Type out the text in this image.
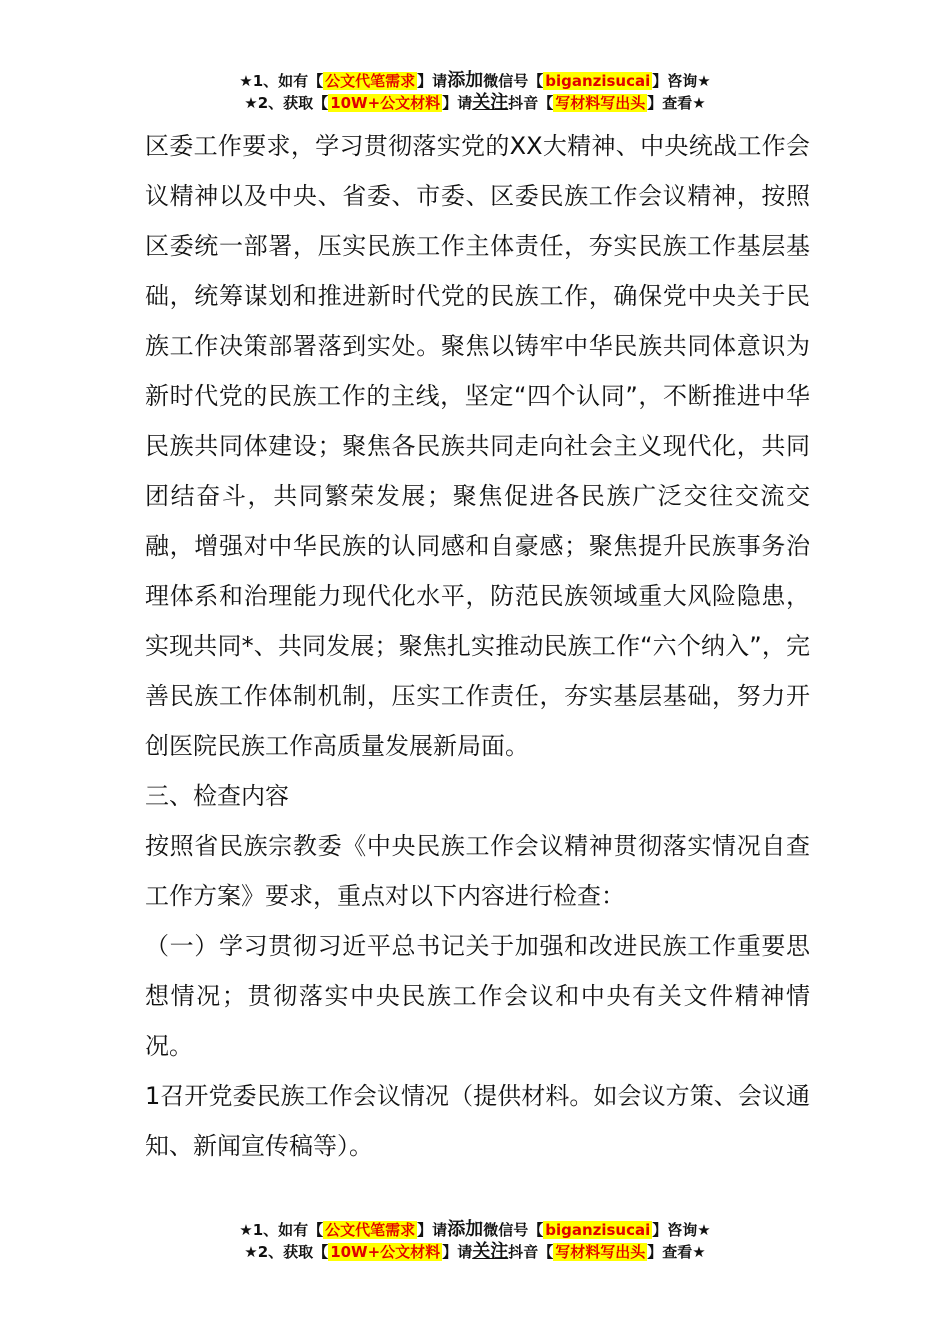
★1、如有【 公文代笔需求 】请添加微信号【 biganzisucai 】咨询★
★2、获取【 10W+公文材料 】请关注抖音【 写材料写出头 】查看★

区委工作要求，学习贯彻落实党的XX大精神、中央统战工作会议精神以及中央、省委、市委、区委民族工作会议精神，按照区委统一部署，压实民族工作主体责任，夯实民族工作基层基础，统筹谋划和推进新时代党的民族工作，确保党中央关于民族工作决策部署落到实处。聚焦以铸牢中华民族共同体意识为新时代党的民族工作的主线，坚定“四个认同”，不断推进中华民族共同体建设；聚焦各民族共同走向社会主义现代化，共同团结奋斗，共同繁荣发展；聚焦促进各民族广泛交往交流交融，增强对中华民族的认同感和自豪感；聚焦提升民族事务治理体系和治理能力现代化水平，防范民族领域重大风险隐患，实现共同*、共同发展；聚焦扎实推动民族工作“六个纳入”，完善民族工作体制机制，压实工作责任，夯实基层基础，努力开创医院民族工作高质量发展新局面。

三、检查内容

按照省民族宗教委《中央民族工作会议精神贯彻落实情况自查工作方案》要求，重点对以下内容进行检查：

（一）学习贯彻习近平总书记关于加强和改进民族工作重要思想情况；贯彻落实中央民族工作会议和中央有关文件精神情况。

1召开党委民族工作会议情况（提供材料。如会议方策、会议通知、新闻宣传稿等）。

★1、如有【 公文代笔需求 】请添加微信号【 biganzisucai 】咨询★
★2、获取【 10W+公文材料 】请关注抖音【 写材料写出头 】查看★
